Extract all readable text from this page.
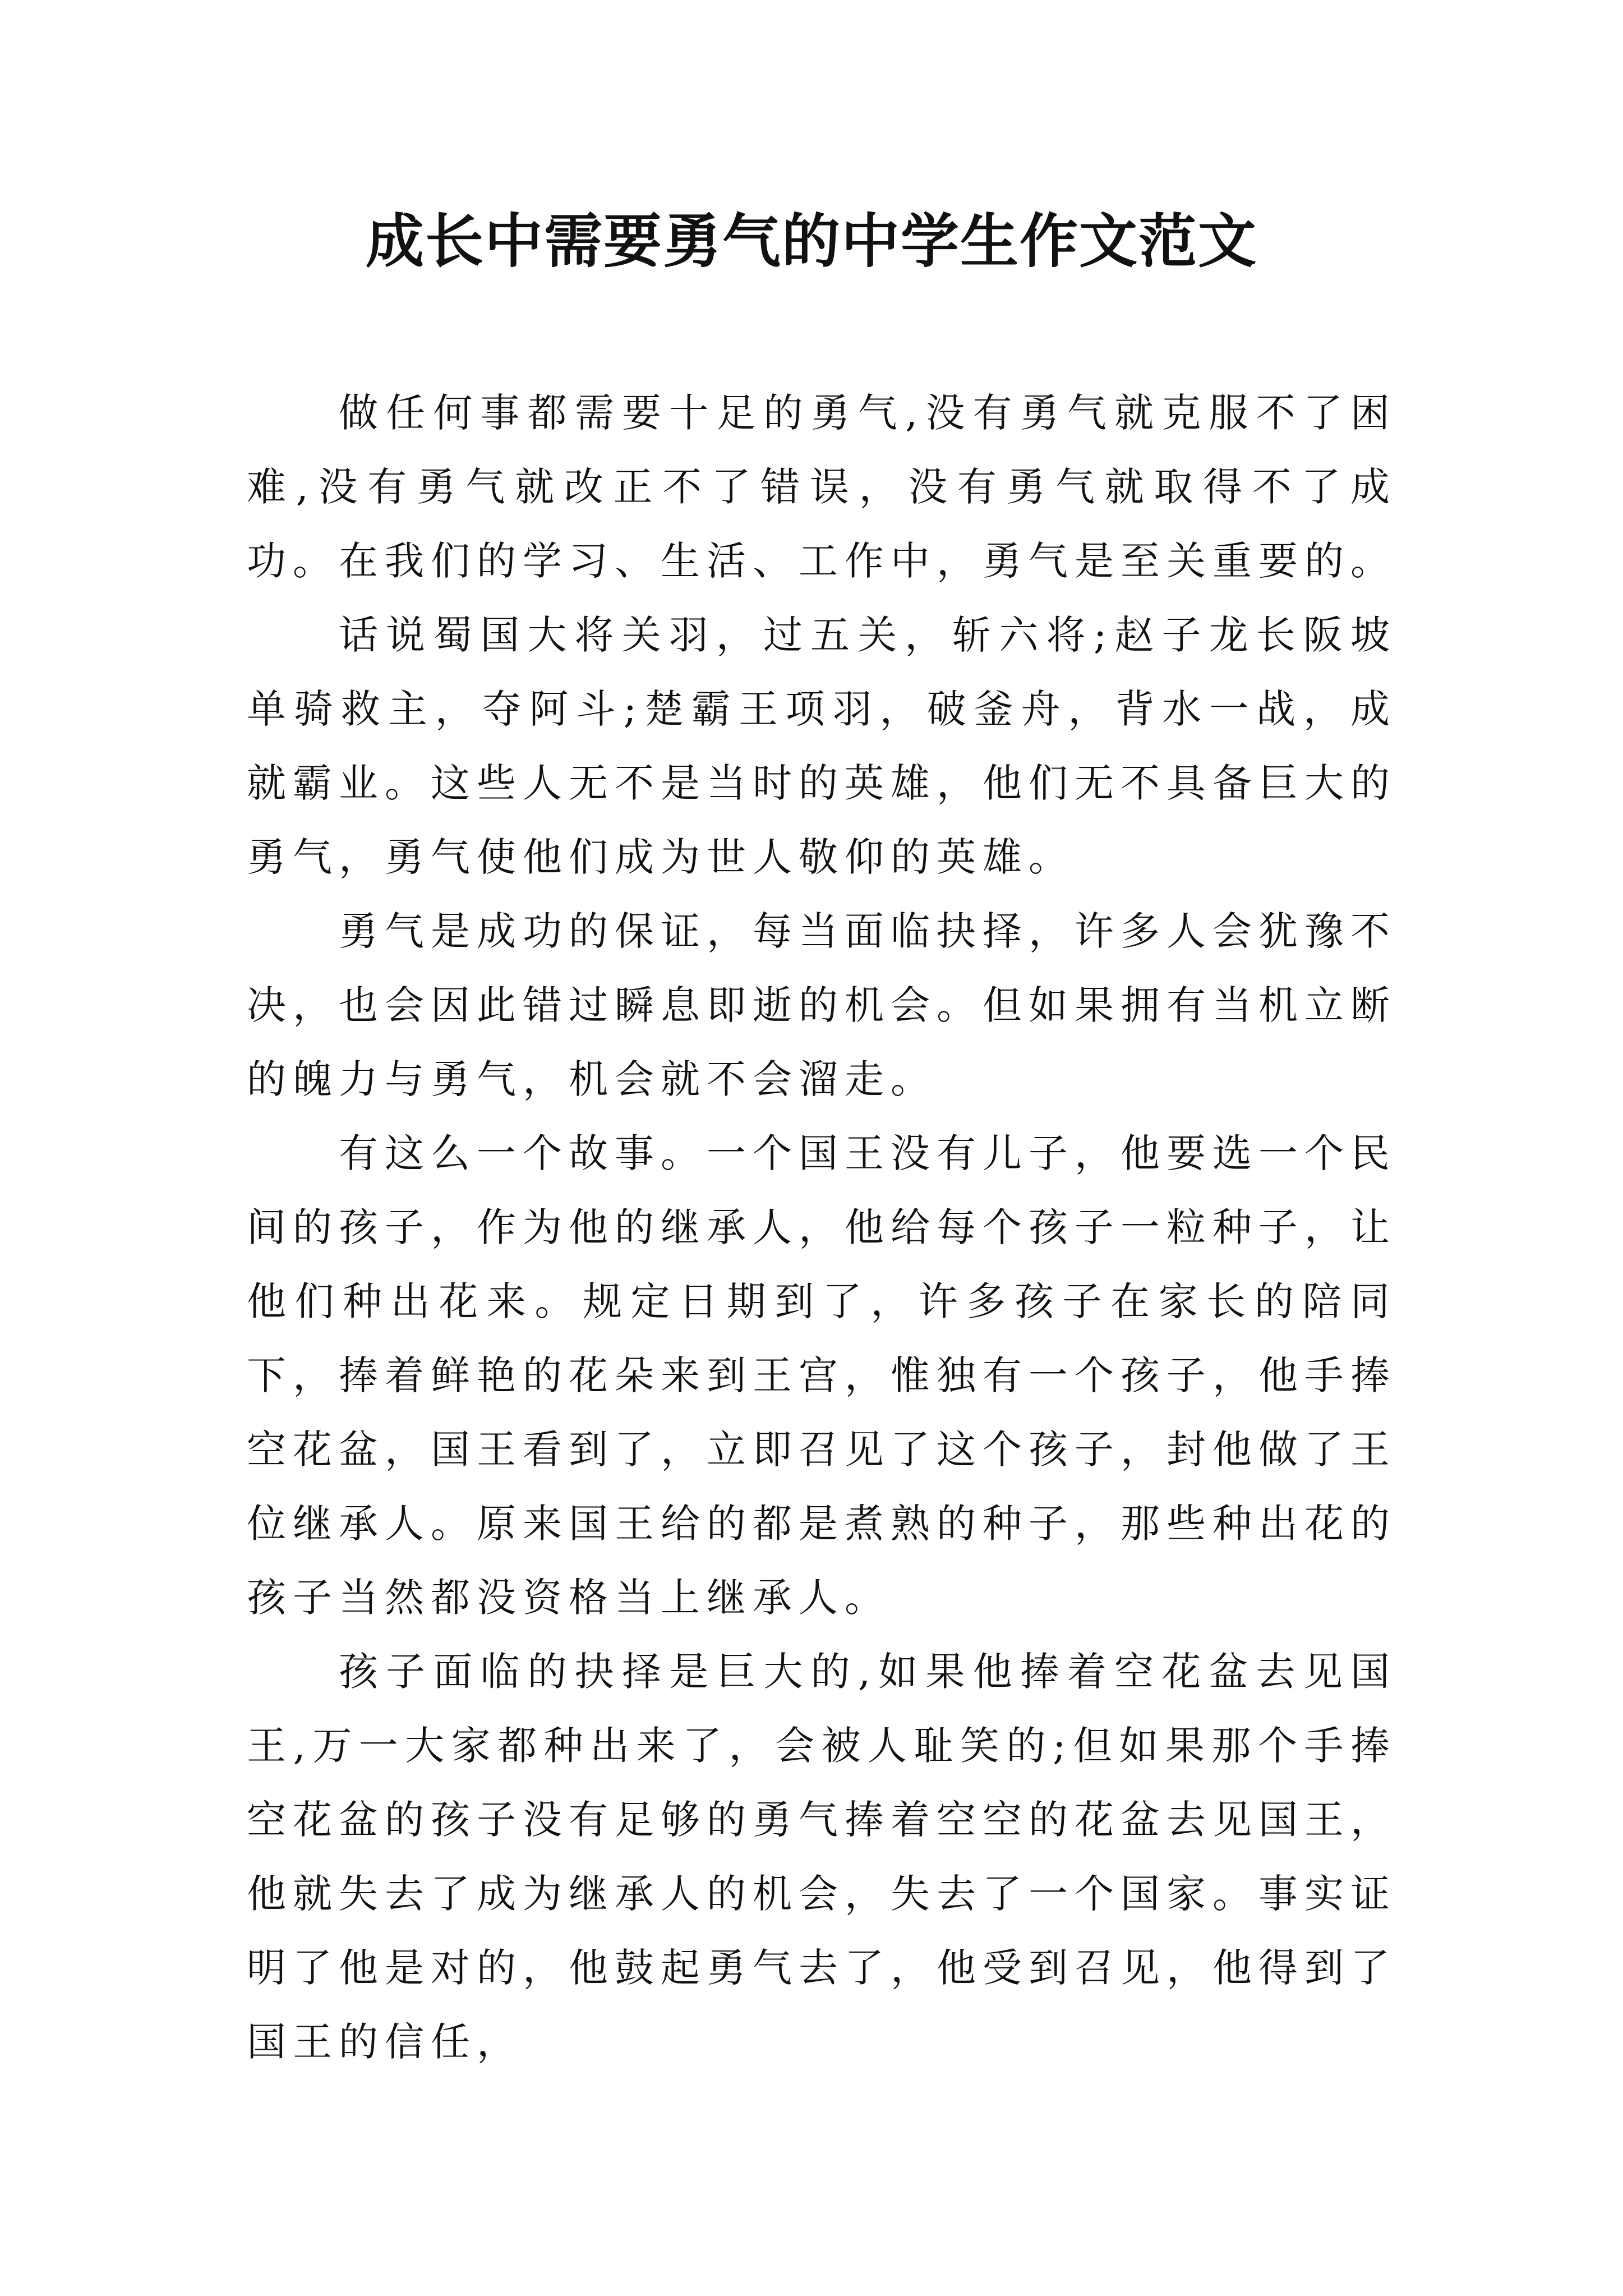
成长中需要勇气的中学生作文范文

做任何事都需要十足的勇气,没有勇气就克服不了困难,没有勇气就改正不了错误，没有勇气就取得不了成功。在我们的学习、生活、工作中，勇气是至关重要的。

话说蜀国大将关羽，过五关，斩六将;赵子龙长阪坡单骑救主，夺阿斗;楚霸王项羽，破釜舟，背水一战，成就霸业。这些人无不是当时的英雄，他们无不具备巨大的勇气，勇气使他们成为世人敬仰的英雄。

勇气是成功的保证，每当面临抉择，许多人会犹豫不决，也会因此错过瞬息即逝的机会。但如果拥有当机立断的魄力与勇气，机会就不会溜走。

有这么一个故事。一个国王没有儿子，他要选一个民间的孩子，作为他的继承人，他给每个孩子一粒种子，让他们种出花来。规定日期到了，许多孩子在家长的陪同下，捧着鲜艳的花朵来到王宫，惟独有一个孩子，他手捧空花盆，国王看到了，立即召见了这个孩子，封他做了王位继承人。原来国王给的都是煮熟的种子，那些种出花的孩子当然都没资格当上继承人。

孩子面临的抉择是巨大的,如果他捧着空花盆去见国王,万一大家都种出来了，会被人耻笑的;但如果那个手捧空花盆的孩子没有足够的勇气捧着空空的花盆去见国王，他就失去了成为继承人的机会，失去了一个国家。事实证明了他是对的，他鼓起勇气去了，他受到召见，他得到了国王的信任，
